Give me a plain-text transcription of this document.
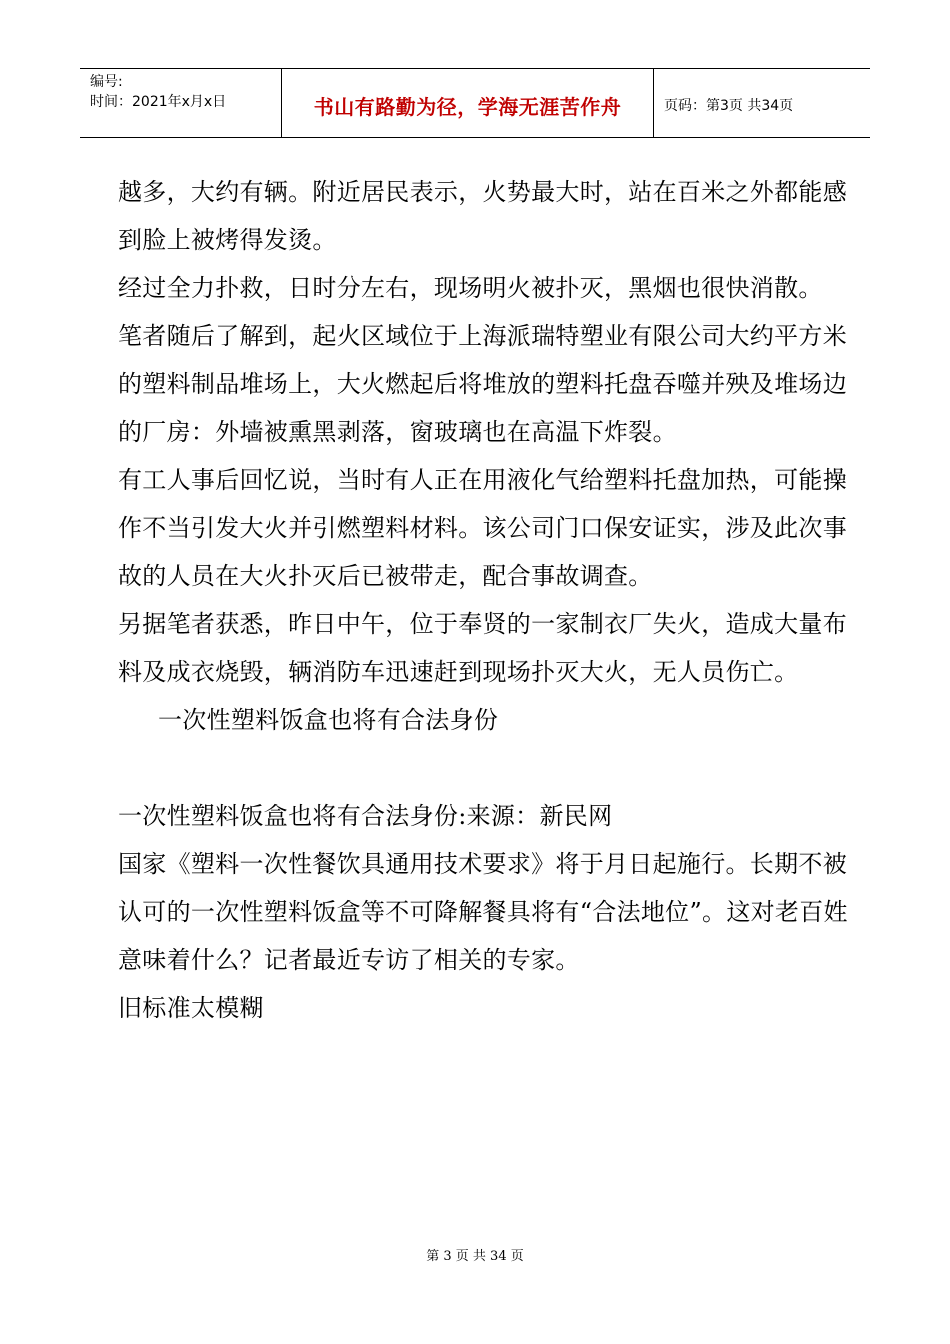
编号:
时间：2021年x月x日	书山有路勤为径，学海无涯苦作舟	页码：第3页 共34页

越多，大约有辆。附近居民表示，火势最大时，站在百米之外都能感到脸上被烤得发烫。

经过全力扑救，日时分左右，现场明火被扑灭，黑烟也很快消散。

笔者随后了解到，起火区域位于上海派瑞特塑业有限公司大约平方米的塑料制品堆场上，大火燃起后将堆放的塑料托盘吞噬并殃及堆场边的厂房：外墙被熏黑剥落，窗玻璃也在高温下炸裂。

有工人事后回忆说，当时有人正在用液化气给塑料托盘加热，可能操作不当引发大火并引燃塑料材料。该公司门口保安证实，涉及此次事故的人员在大火扑灭后已被带走，配合事故调查。

另据笔者获悉，昨日中午，位于奉贤的一家制衣厂失火，造成大量布料及成衣烧毁，辆消防车迅速赶到现场扑灭大火，无人员伤亡。

一次性塑料饭盒也将有合法身份

一次性塑料饭盒也将有合法身份:来源：新民网

国家《塑料一次性餐饮具通用技术要求》将于月日起施行。长期不被认可的一次性塑料饭盒等不可降解餐具将有“合法地位”。这对老百姓意味着什么？记者最近专访了相关的专家。

旧标准太模糊

第 3 页 共 34 页
